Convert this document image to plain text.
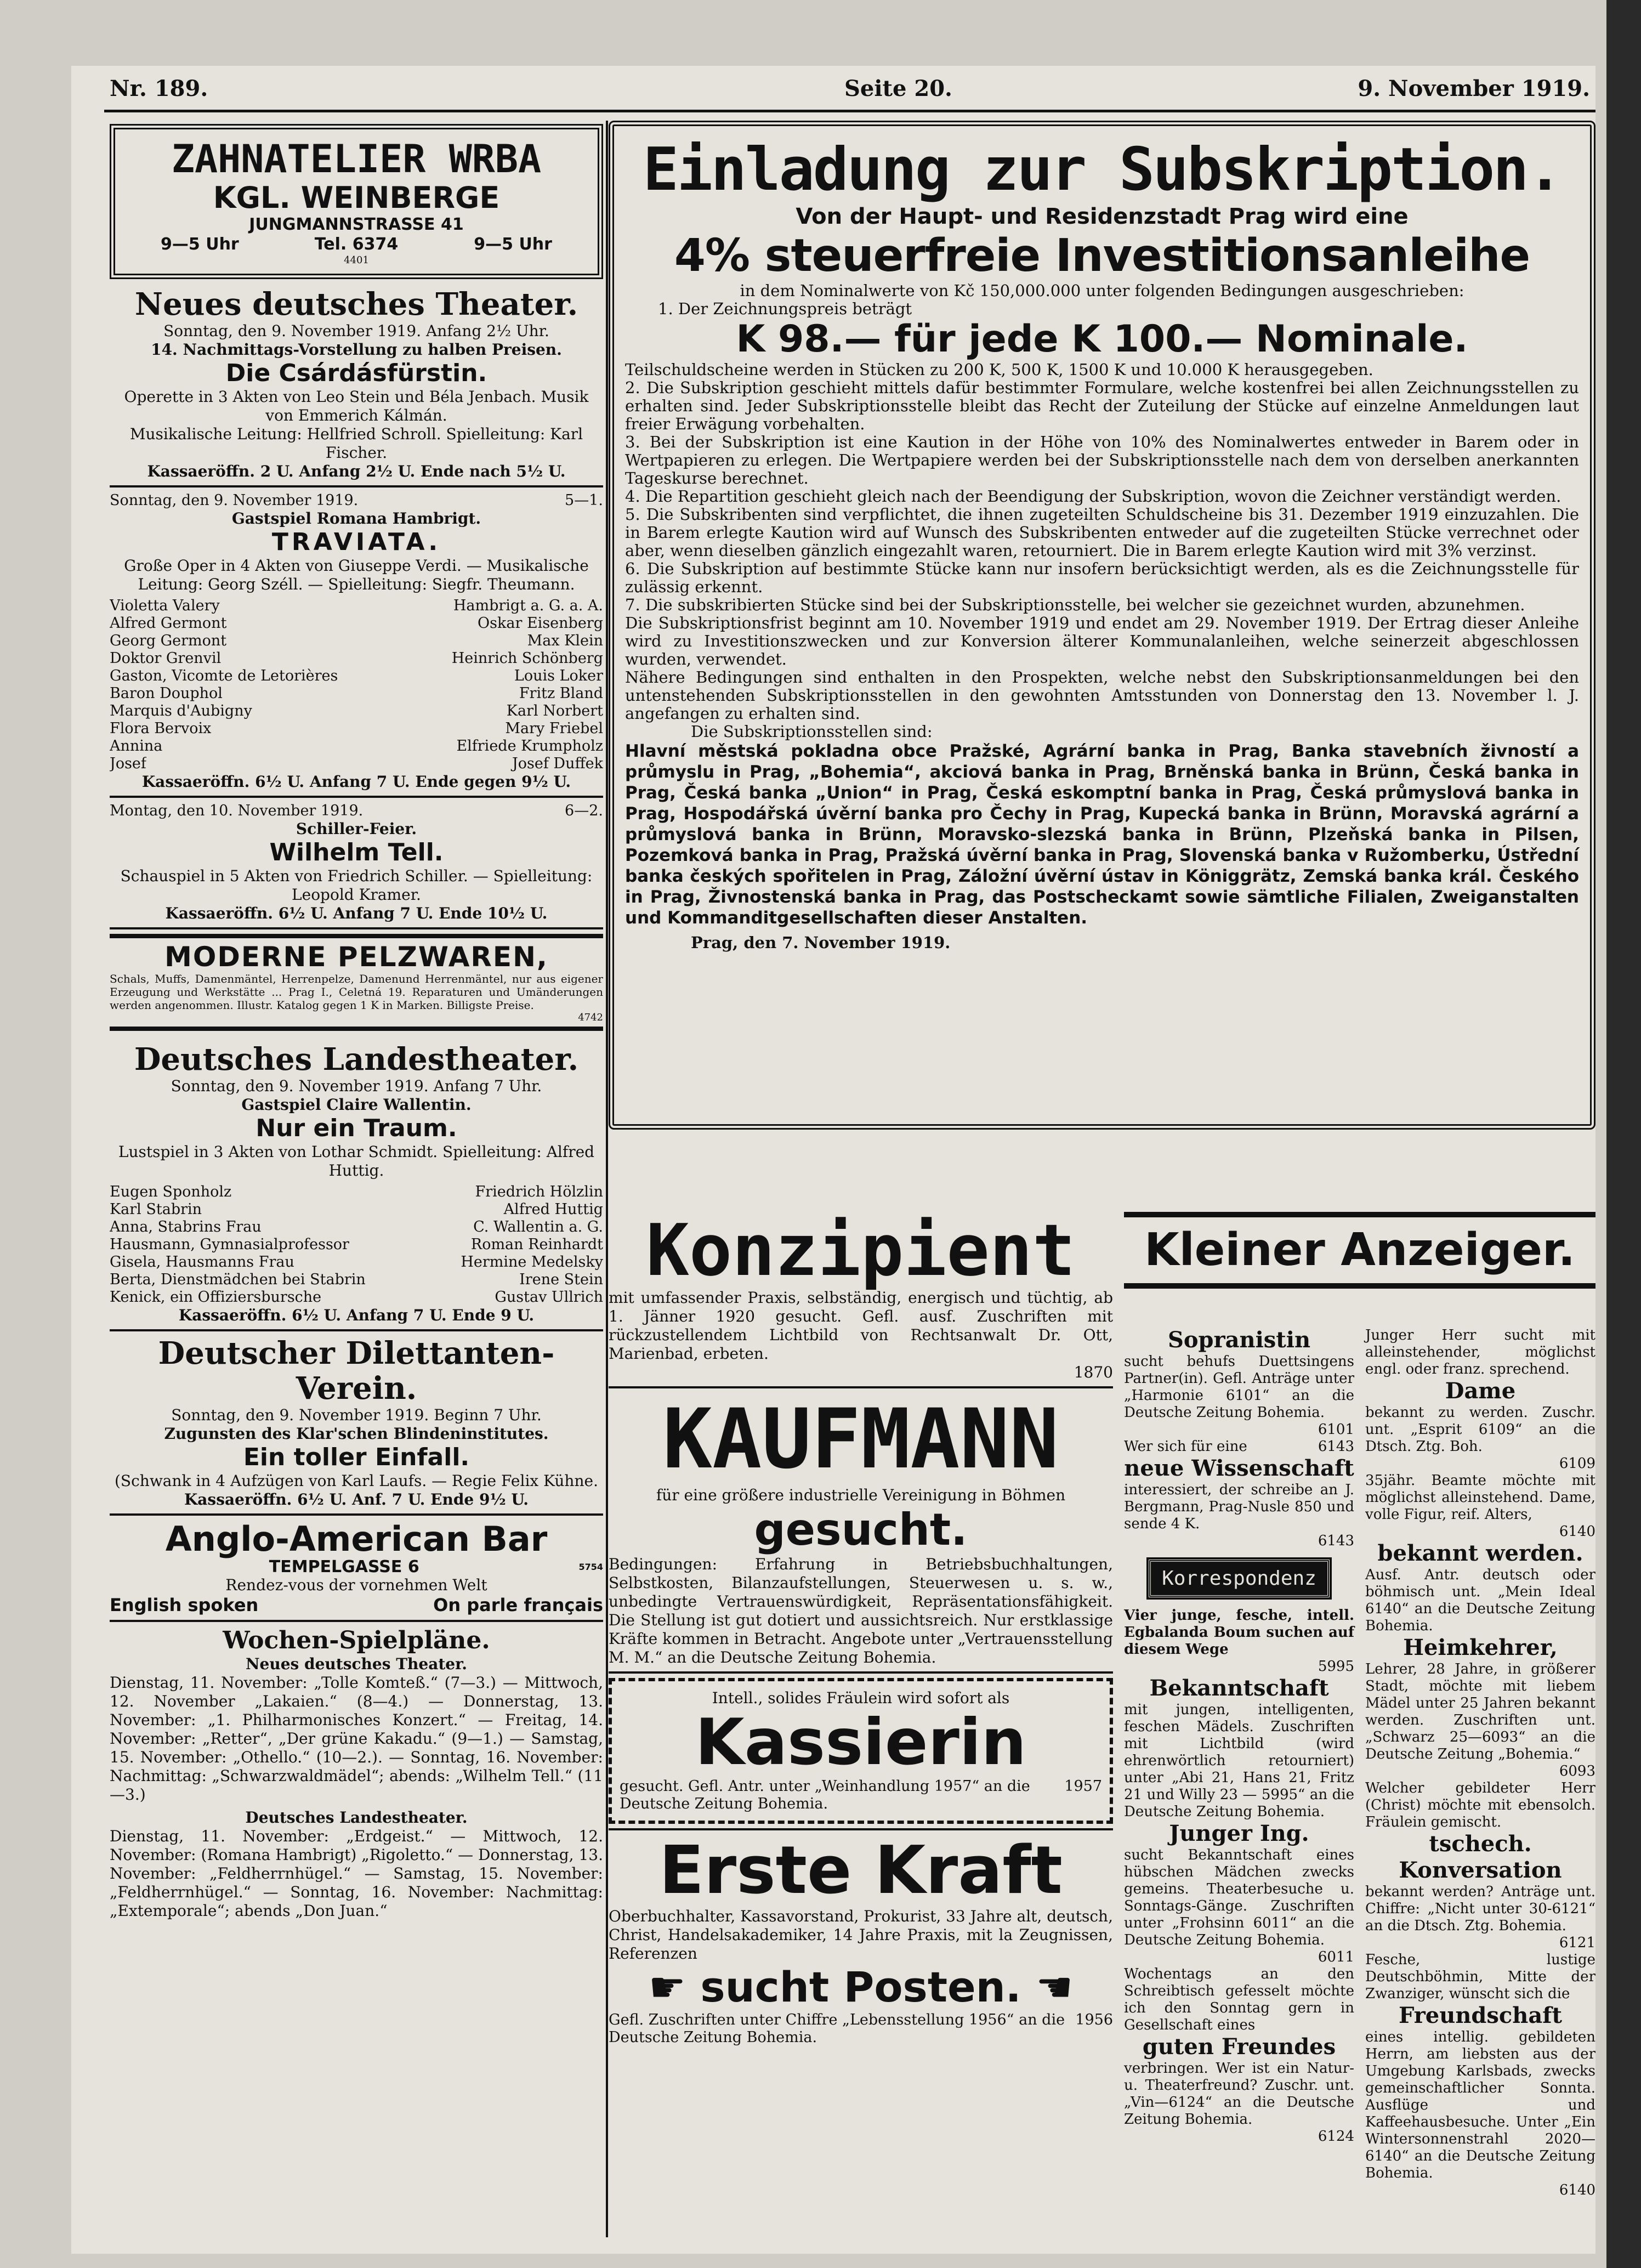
Nr. 189.	Seite 20.	9. November 1919.
ZAHNATELIER WRBA
KGL. WEINBERGE
JUNGMANNSTRASSE 41
9—5 Uhr	Tel. 6374	9—5 Uhr
4401
Neues deutsches Theater.
Sonntag, den 9. November 1919. Anfang 2½ Uhr.
14. Nachmittags-Vorstellung zu halben Preisen.
Die Csárdásfürstin.
Operette in 3 Akten von Leo Stein und Béla Jenbach. Musik von Emmerich Kálmán.
Musikalische Leitung: Hellfried Schroll. Spielleitung: Karl Fischer.
Kassaeröffn. 2 U. Anfang 2½ U. Ende nach 5½ U.
Sonntag, den 9. November 1919.	5—1.
Gastspiel Romana Hambrigt.
TRAVIATA.
Große Oper in 4 Akten von Giuseppe Verdi. — Musikalische Leitung: Georg Széll. — Spielleitung: Siegfr. Theumann.
Violetta Valery	Hambrigt a. G. a. A.
Alfred Germont	Oskar Eisenberg
Georg Germont	Max Klein
Doktor Grenvil	Heinrich Schönberg
Gaston, Vicomte de Letorières	Louis Loker
Baron Douphol	Fritz Bland
Marquis d'Aubigny	Karl Norbert
Flora Bervoix	Mary Friebel
Annina	Elfriede Krumpholz
Josef	Josef Duffek
Kassaeröffn. 6½ U. Anfang 7 U. Ende gegen 9½ U.
Montag, den 10. November 1919.	6—2.
Schiller-Feier.
Wilhelm Tell.
Schauspiel in 5 Akten von Friedrich Schiller. — Spielleitung: Leopold Kramer.
Kassaeröffn. 6½ U. Anfang 7 U. Ende 10½ U.
MODERNE PELZWAREN,
Schals, Muffs, Damenmäntel, Herrenpelze, Damenund Herrenmäntel, nur aus eigener Erzeugung und Werkstätte ... Prag I., Celetná 19. Reparaturen und Umänderungen werden angenommen. Illustr. Katalog gegen 1 K in Marken. Billigste Preise.
4742
Deutsches Landestheater.
Sonntag, den 9. November 1919. Anfang 7 Uhr.
Gastspiel Claire Wallentin.
Nur ein Traum.
Lustspiel in 3 Akten von Lothar Schmidt. Spielleitung: Alfred Huttig.
Eugen Sponholz	Friedrich Hölzlin
Karl Stabrin	Alfred Huttig
Anna, Stabrins Frau	C. Wallentin a. G.
Hausmann, Gymnasialprofessor	Roman Reinhardt
Gisela, Hausmanns Frau	Hermine Medelsky
Berta, Dienstmädchen bei Stabrin	Irene Stein
Kenick, ein Offiziersbursche	Gustav Ullrich
Kassaeröffn. 6½ U. Anfang 7 U. Ende 9 U.
Deutscher Dilettanten-Verein.
Sonntag, den 9. November 1919. Beginn 7 Uhr.
Zugunsten des Klar'schen Blindeninstitutes.
Ein toller Einfall.
(Schwank in 4 Aufzügen von Karl Laufs. — Regie Felix Kühne.
Kassaeröffn. 6½ U. Anf. 7 U. Ende 9½ U.
Anglo-American Bar
TEMPELGASSE 6	5754
Rendez-vous der vornehmen Welt
English spoken	On parle français
Wochen-Spielpläne.
Neues deutsches Theater.
Dienstag, 11. November: „Tolle Komteß.“ (7—3.) — Mittwoch, 12. November „Lakaien.“ (8—4.) — Donnerstag, 13. November: „1. Philharmonisches Konzert.“ — Freitag, 14. November: „Retter“, „Der grüne Kakadu.“ (9—1.) — Samstag, 15. November: „Othello.“ (10—2.). — Sonntag, 16. November: Nachmittag: „Schwarzwaldmädel“; abends: „Wilhelm Tell.“ (11—3.)
Deutsches Landestheater.
Dienstag, 11. November: „Erdgeist.“ — Mittwoch, 12. November: (Romana Hambrigt) „Rigoletto.“ — Donnerstag, 13. November: „Feldherrnhügel.“ — Samstag, 15. November: „Feldherrnhügel.“ — Sonntag, 16. November: Nachmittag: „Extemporale“; abends „Don Juan.“
Einladung zur Subskription.
Von der Haupt- und Residenzstadt Prag wird eine
4% steuerfreie Investitionsanleihe
in dem Nominalwerte von Kč 150,000.000 unter folgenden Bedingungen ausgeschrieben:
1. Der Zeichnungspreis beträgt
K 98.— für jede K 100.— Nominale.
Teilschuldscheine werden in Stücken zu 200 K, 500 K, 1500 K und 10.000 K herausgegeben.
2. Die Subskription geschieht mittels dafür bestimmter Formulare, welche kostenfrei bei allen Zeichnungsstellen zu erhalten sind. Jeder Subskriptionsstelle bleibt das Recht der Zuteilung der Stücke auf einzelne Anmeldungen laut freier Erwägung vorbehalten.
3. Bei der Subskription ist eine Kaution in der Höhe von 10% des Nominalwertes entweder in Barem oder in Wertpapieren zu erlegen. Die Wertpapiere werden bei der Subskriptionsstelle nach dem von derselben anerkannten Tageskurse berechnet.
4. Die Repartition geschieht gleich nach der Beendigung der Subskription, wovon die Zeichner verständigt werden.
5. Die Subskribenten sind verpflichtet, die ihnen zugeteilten Schuldscheine bis 31. Dezember 1919 einzuzahlen. Die in Barem erlegte Kaution wird auf Wunsch des Subskribenten entweder auf die zugeteilten Stücke verrechnet oder aber, wenn dieselben gänzlich eingezahlt waren, retourniert. Die in Barem erlegte Kaution wird mit 3% verzinst.
6. Die Subskription auf bestimmte Stücke kann nur insofern berücksichtigt werden, als es die Zeichnungsstelle für zulässig erkennt.
7. Die subskribierten Stücke sind bei der Subskriptionsstelle, bei welcher sie gezeichnet wurden, abzunehmen.
Die Subskriptionsfrist beginnt am 10. November 1919 und endet am 29. November 1919. Der Ertrag dieser Anleihe wird zu Investitionszwecken und zur Konversion älterer Kommunalanleihen, welche seinerzeit abgeschlossen wurden, verwendet.
Nähere Bedingungen sind enthalten in den Prospekten, welche nebst den Subskriptionsanmeldungen bei den untenstehenden Subskriptionsstellen in den gewohnten Amtsstunden von Donnerstag den 13. November l. J. angefangen zu erhalten sind.
Die Subskriptionsstellen sind:
Hlavní městská pokladna obce Pražské, Agrární banka in Prag, Banka stavebních živností a průmyslu in Prag, „Bohemia“, akciová banka in Prag, Brněnská banka in Brünn, Česká banka in Prag, Česká banka „Union“ in Prag, Česká eskomptní banka in Prag, Česká průmyslová banka in Prag, Hospodářská úvěrní banka pro Čechy in Prag, Kupecká banka in Brünn, Moravská agrární a průmyslová banka in Brünn, Moravsko-slezská banka in Brünn, Plzeňská banka in Pilsen, Pozemková banka in Prag, Pražská úvěrní banka in Prag, Slovenská banka v Ružomberku, Ústřední banka českých spořitelen in Prag, Záložní úvěrní ústav in Königgrätz, Zemská banka král. Českého in Prag, Živnostenská banka in Prag, das Postscheckamt sowie sämtliche Filialen, Zweiganstalten und Kommanditgesellschaften dieser Anstalten.
Prag, den 7. November 1919.
Konzipient
mit umfassender Praxis, selbständig, energisch und tüchtig, ab 1. Jänner 1920 gesucht. Gefl. ausf. Zuschriften mit rückzustellendem Lichtbild von Rechtsanwalt Dr. Ott, Marienbad, erbeten.
1870
KAUFMANN
für eine größere industrielle Vereinigung in Böhmen
gesucht.
Bedingungen: Erfahrung in Betriebsbuchhaltungen, Selbstkosten, Bilanzaufstellungen, Steuerwesen u. s. w., unbedingte Vertrauenswürdigkeit, Repräsentationsfähigkeit. Die Stellung ist gut dotiert und aussichtsreich. Nur erstklassige Kräfte kommen in Betracht. Angebote unter „Vertrauensstellung M. M.“ an die Deutsche Zeitung Bohemia.
Intell., solides Fräulein wird sofort als
Kassierin
gesucht. Gefl. Antr. unter „Weinhandlung 1957“ an die Deutsche Zeitung Bohemia.
1957
Erste Kraft
Oberbuchhalter, Kassavorstand, Prokurist, 33 Jahre alt, deutsch, Christ, Handelsakademiker, 14 Jahre Praxis, mit la Zeugnissen, Referenzen
☛ sucht Posten. ☚
Gefl. Zuschriften unter Chiffre „Lebensstellung 1956“ an die Deutsche Zeitung Bohemia.
1956
Kleiner Anzeiger.
Sopranistin
sucht behufs Duettsingens Partner(in). Gefl. Anträge unter „Harmonie 6101“ an die Deutsche Zeitung Bohemia.
6101
Wer sich für eine	6143
neue Wissenschaft
interessiert, der schreibe an J. Bergmann, Prag-Nusle 850 und sende 4 K.
6143
Korrespondenz
Vier junge, fesche, intell. Egbalanda Boum suchen auf diesem Wege
5995
Bekanntschaft
mit jungen, intelligenten, feschen Mädels. Zuschriften mit Lichtbild (wird ehrenwörtlich retourniert) unter „Abi 21, Hans 21, Fritz 21 und Willy 23 — 5995“ an die Deutsche Zeitung Bohemia.
Junger Ing.
sucht Bekanntschaft eines hübschen Mädchen zwecks gemeins. Theaterbesuche u. Sonntags-Gänge. Zuschriften unter „Frohsinn 6011“ an die Deutsche Zeitung Bohemia.
6011
Wochentags an den Schreibtisch gefesselt möchte ich den Sonntag gern in Gesellschaft eines
guten Freundes
verbringen. Wer ist ein Natur- u. Theaterfreund? Zuschr. unt. „Vin—6124“ an die Deutsche Zeitung Bohemia.
6124
Junger Herr sucht mit alleinstehender, möglichst engl. oder franz. sprechend.
Dame
bekannt zu werden. Zuschr. unt. „Esprit 6109“ an die Dtsch. Ztg. Boh.
6109
35jähr. Beamte möchte mit möglichst alleinstehend. Dame, volle Figur, reif. Alters,
6140
bekannt werden.
Ausf. Antr. deutsch oder böhmisch unt. „Mein Ideal 6140“ an die Deutsche Zeitung Bohemia.
Heimkehrer,
Lehrer, 28 Jahre, in größerer Stadt, möchte mit liebem Mädel unter 25 Jahren bekannt werden. Zuschriften unt. „Schwarz 25—6093“ an die Deutsche Zeitung „Bohemia.“
6093
Welcher gebildeter Herr (Christ) möchte mit ebensolch. Fräulein gemischt.
tschech. Konversation
bekannt werden? Anträge unt. Chiffre: „Nicht unter 30-6121“ an die Dtsch. Ztg. Bohemia.
6121
Fesche, lustige Deutschböhmin, Mitte der Zwanziger, wünscht sich die
Freundschaft
eines intellig. gebildeten Herrn, am liebsten aus der Umgebung Karlsbads, zwecks gemeinschaftlicher Sonnta. Ausflüge und Kaffeehausbesuche. Unter „Ein Wintersonnenstrahl 2020—6140“ an die Deutsche Zeitung Bohemia.
6140
